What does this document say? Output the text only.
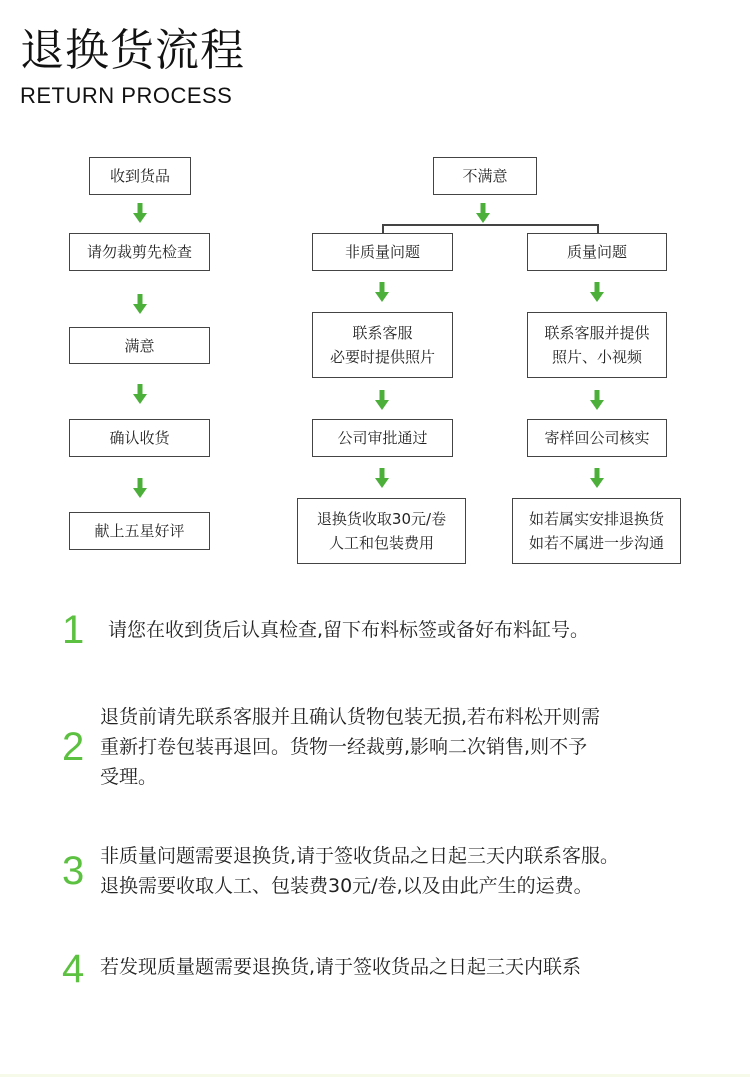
退换货流程
RETURN PROCESS
收到货品
请勿裁剪先检查
满意
确认收货
献上五星好评
不满意
非质量问题
联系客服
必要时提供照片
公司审批通过
退换货收取30元/卷
人工和包装费用
质量问题
联系客服并提供
照片、小视频
寄样回公司核实
如若属实安排退换货
如若不属进一步沟通
1 请您在收到货后认真检查,留下布料标签或备好布料缸号。
2
退货前请先联系客服并且确认货物包装无损,若布料松开则需
重新打卷包装再退回。货物一经裁剪,影响二次销售,则不予
受理。
3 非质量问题需要退换货,请于签收货品之日起三天内联系客服。
退换需要收取人工、包装费30元/卷,以及由此产生的运费。
4 若发现质量题需要退换货,请于签收货品之日起三天内联系
